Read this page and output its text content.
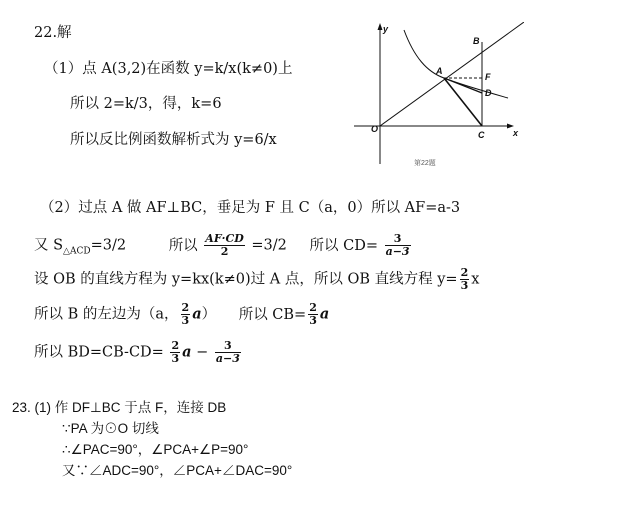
22.解
（1）点 A(3,2)在函数 y=k/x(k≠0)上
所以 2=k/3，得，k=6
所以反比例函数解析式为 y=6/x
（2）过点 A 做 AF⊥BC，垂足为 F 且 C（a，0）所以 AF=a-3
又 $S_{\triangle ACD}=3/2$	所以 $\frac{AF\cdot CD}{2} =3/2$ 所以 $CD= \frac{3}{a-3}$
设 OB 的直线方程为 y=kx(k≠0)过 A 点，所以 OB 直线方程 $y= \frac{2}{3}$ x
所以 B 的左边为（a， $\frac{2}{3} a$） 所以 $CB= \frac{2}{3}$ a
所以 $BD=CB-CD= \frac{2}{3}$ $a - \frac{3}{a-3}$
y
x
O
A
B
F
D
C
第22题
23. (1) 作 DF⊥BC 于点 F，连接 DB
∵PA 为⊙O 切线
∴∠PAC=90°，∠PCA+∠P=90°
又∵∠ADC=90°，∠PCA+∠DAC=90°
